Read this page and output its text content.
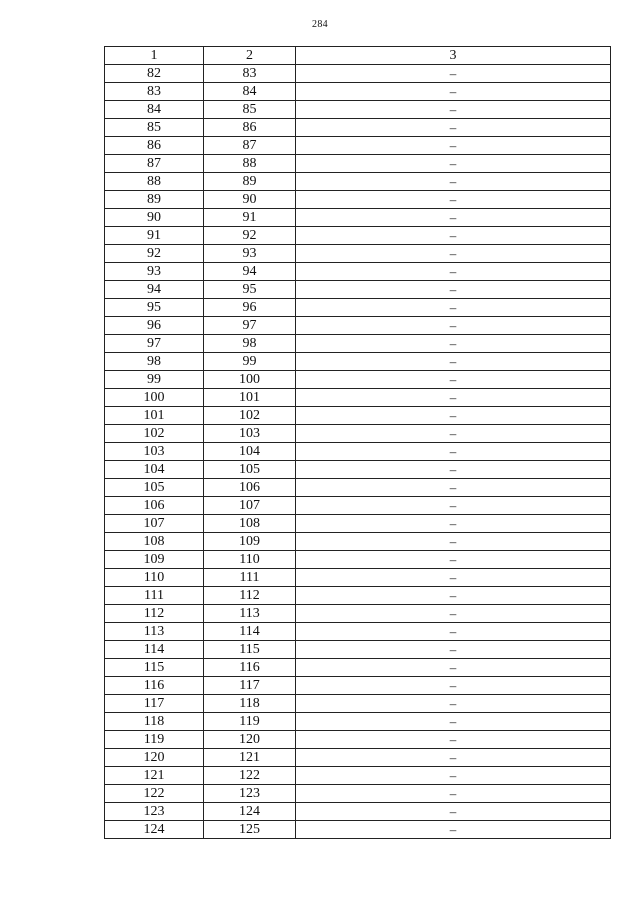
284
1	2	3
82	83	–
83	84	–
84	85	–
85	86	–
86	87	–
87	88	–
88	89	–
89	90	–
90	91	–
91	92	–
92	93	–
93	94	–
94	95	–
95	96	–
96	97	–
97	98	–
98	99	–
99	100	–
100	101	–
101	102	–
102	103	–
103	104	–
104	105	–
105	106	–
106	107	–
107	108	–
108	109	–
109	110	–
110	111	–
111	112	–
112	113	–
113	114	–
114	115	–
115	116	–
116	117	–
117	118	–
118	119	–
119	120	–
120	121	–
121	122	–
122	123	–
123	124	–
124	125	–
